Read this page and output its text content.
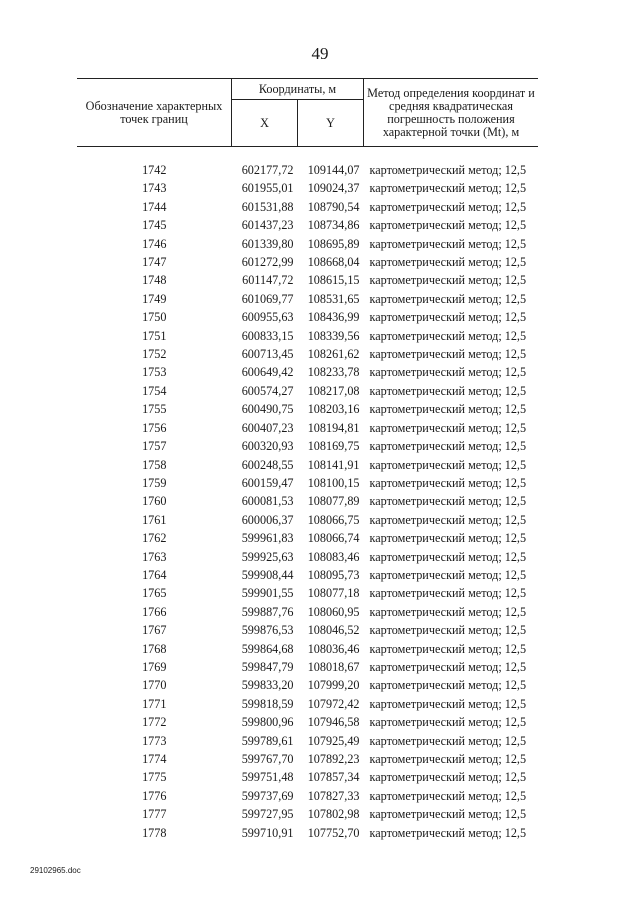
49
Обозначение характерных точек границ	Координаты, м		Метод определения координат и средняя квадратическая погрешность положения характерной точки (Mt), м
	X	Y	

1742	602177,72	109144,07	картометрический метод; 12,5
1743	601955,01	109024,37	картометрический метод; 12,5
1744	601531,88	108790,54	картометрический метод; 12,5
1745	601437,23	108734,86	картометрический метод; 12,5
1746	601339,80	108695,89	картометрический метод; 12,5
1747	601272,99	108668,04	картометрический метод; 12,5
1748	601147,72	108615,15	картометрический метод; 12,5
1749	601069,77	108531,65	картометрический метод; 12,5
1750	600955,63	108436,99	картометрический метод; 12,5
1751	600833,15	108339,56	картометрический метод; 12,5
1752	600713,45	108261,62	картометрический метод; 12,5
1753	600649,42	108233,78	картометрический метод; 12,5
1754	600574,27	108217,08	картометрический метод; 12,5
1755	600490,75	108203,16	картометрический метод; 12,5
1756	600407,23	108194,81	картометрический метод; 12,5
1757	600320,93	108169,75	картометрический метод; 12,5
1758	600248,55	108141,91	картометрический метод; 12,5
1759	600159,47	108100,15	картометрический метод; 12,5
1760	600081,53	108077,89	картометрический метод; 12,5
1761	600006,37	108066,75	картометрический метод; 12,5
1762	599961,83	108066,74	картометрический метод; 12,5
1763	599925,63	108083,46	картометрический метод; 12,5
1764	599908,44	108095,73	картометрический метод; 12,5
1765	599901,55	108077,18	картометрический метод; 12,5
1766	599887,76	108060,95	картометрический метод; 12,5
1767	599876,53	108046,52	картометрический метод; 12,5
1768	599864,68	108036,46	картометрический метод; 12,5
1769	599847,79	108018,67	картометрический метод; 12,5
1770	599833,20	107999,20	картометрический метод; 12,5
1771	599818,59	107972,42	картометрический метод; 12,5
1772	599800,96	107946,58	картометрический метод; 12,5
1773	599789,61	107925,49	картометрический метод; 12,5
1774	599767,70	107892,23	картометрический метод; 12,5
1775	599751,48	107857,34	картометрический метод; 12,5
1776	599737,69	107827,33	картометрический метод; 12,5
1777	599727,95	107802,98	картометрический метод; 12,5
1778	599710,91	107752,70	картометрический метод; 12,5
29102965.doc
